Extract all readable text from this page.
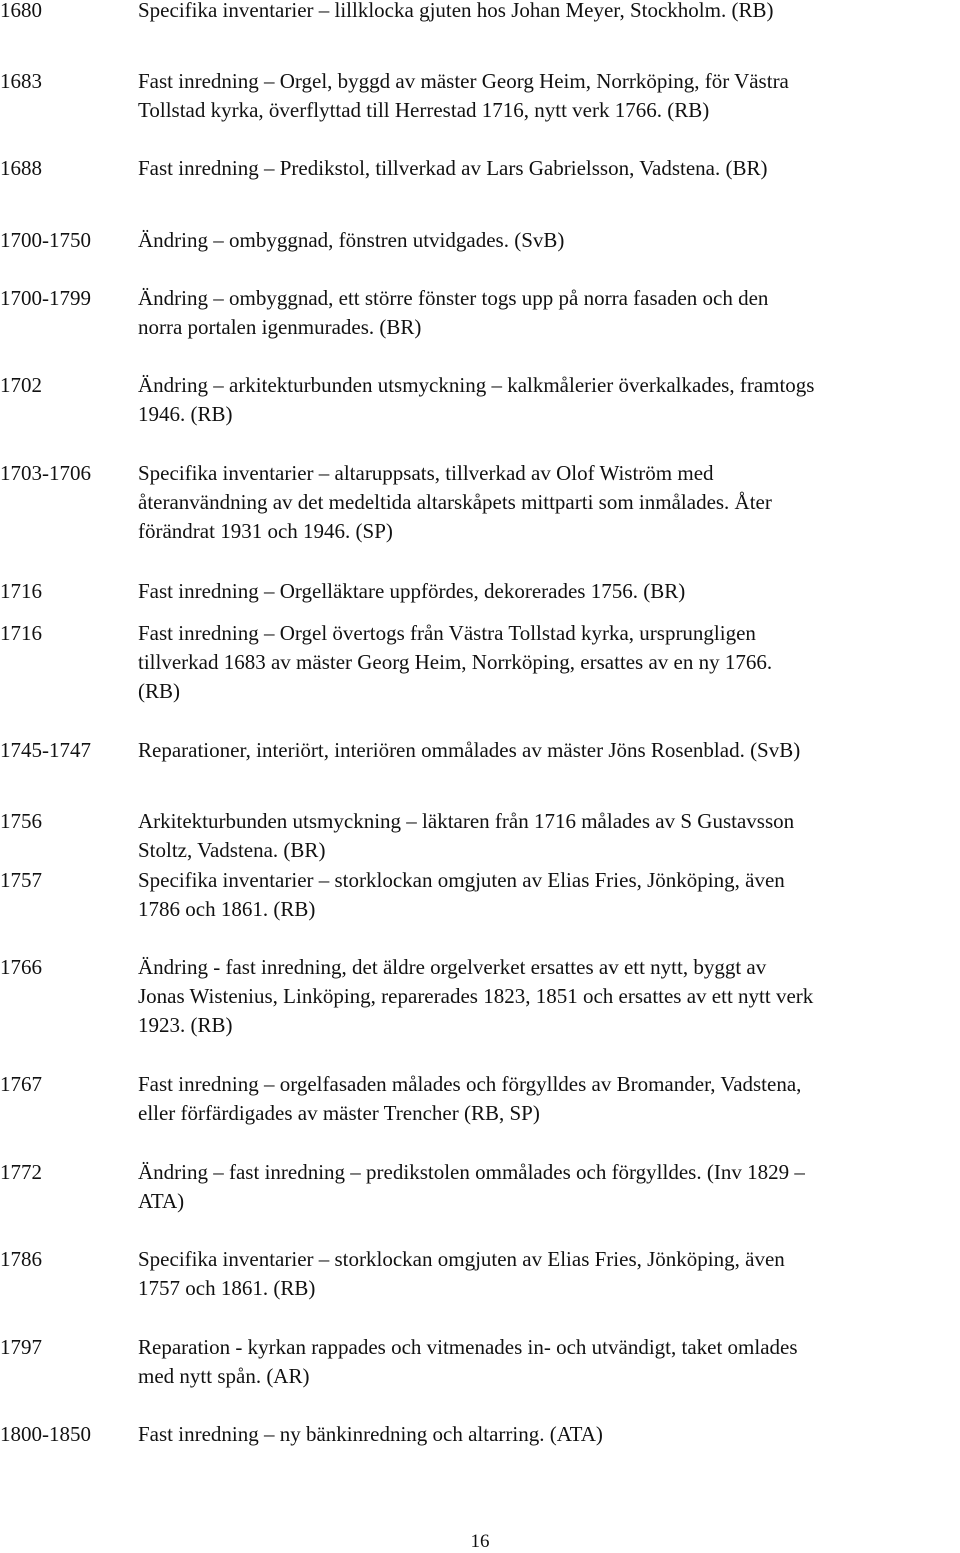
1680	Specifika inventarier – lillklocka gjuten hos Johan Meyer, Stockholm. (RB)
1683	Fast inredning – Orgel, byggd av mäster Georg Heim, Norrköping, för Västra
Tollstad kyrka, överflyttad till Herrestad 1716, nytt verk 1766. (RB)
1688	Fast inredning – Predikstol, tillverkad av Lars Gabrielsson, Vadstena. (BR)
1700-1750	Ändring – ombyggnad, fönstren utvidgades. (SvB)
1700-1799	Ändring – ombyggnad, ett större fönster togs upp på norra fasaden och den
norra portalen igenmurades. (BR)
1702	Ändring – arkitekturbunden utsmyckning – kalkmålerier överkalkades, framtogs
1946. (RB)
1703-1706	Specifika inventarier – altaruppsats, tillverkad av Olof Wiström med
återanvändning av det medeltida altarskåpets mittparti som inmålades. Åter
förändrat 1931 och 1946. (SP)
1716	Fast inredning – Orgelläktare uppfördes, dekorerades 1756. (BR)
1716	Fast inredning – Orgel övertogs från Västra Tollstad kyrka, ursprungligen
tillverkad 1683 av mäster Georg Heim, Norrköping, ersattes av en ny 1766.
(RB)
1745-1747	Reparationer, interiört, interiören ommålades av mäster Jöns Rosenblad. (SvB)
1756	Arkitekturbunden utsmyckning – läktaren från 1716 målades av S Gustavsson
Stoltz, Vadstena. (BR)
1757	Specifika inventarier – storklockan omgjuten av Elias Fries, Jönköping, även
1786 och 1861. (RB)
1766	Ändring - fast inredning, det äldre orgelverket ersattes av ett nytt, byggt av
Jonas Wistenius, Linköping, reparerades 1823, 1851 och ersattes av ett nytt verk
1923. (RB)
1767	Fast inredning – orgelfasaden målades och förgylldes av Bromander, Vadstena,
eller förfärdigades av mäster Trencher (RB, SP)
1772	Ändring – fast inredning – predikstolen ommålades och förgylldes. (Inv 1829 –
ATA)
1786	Specifika inventarier – storklockan omgjuten av Elias Fries, Jönköping, även
1757 och 1861. (RB)
1797	Reparation - kyrkan rappades och vitmenades in- och utvändigt, taket omlades
med nytt spån. (AR)
1800-1850	Fast inredning – ny bänkinredning och altarring. (ATA)
16
